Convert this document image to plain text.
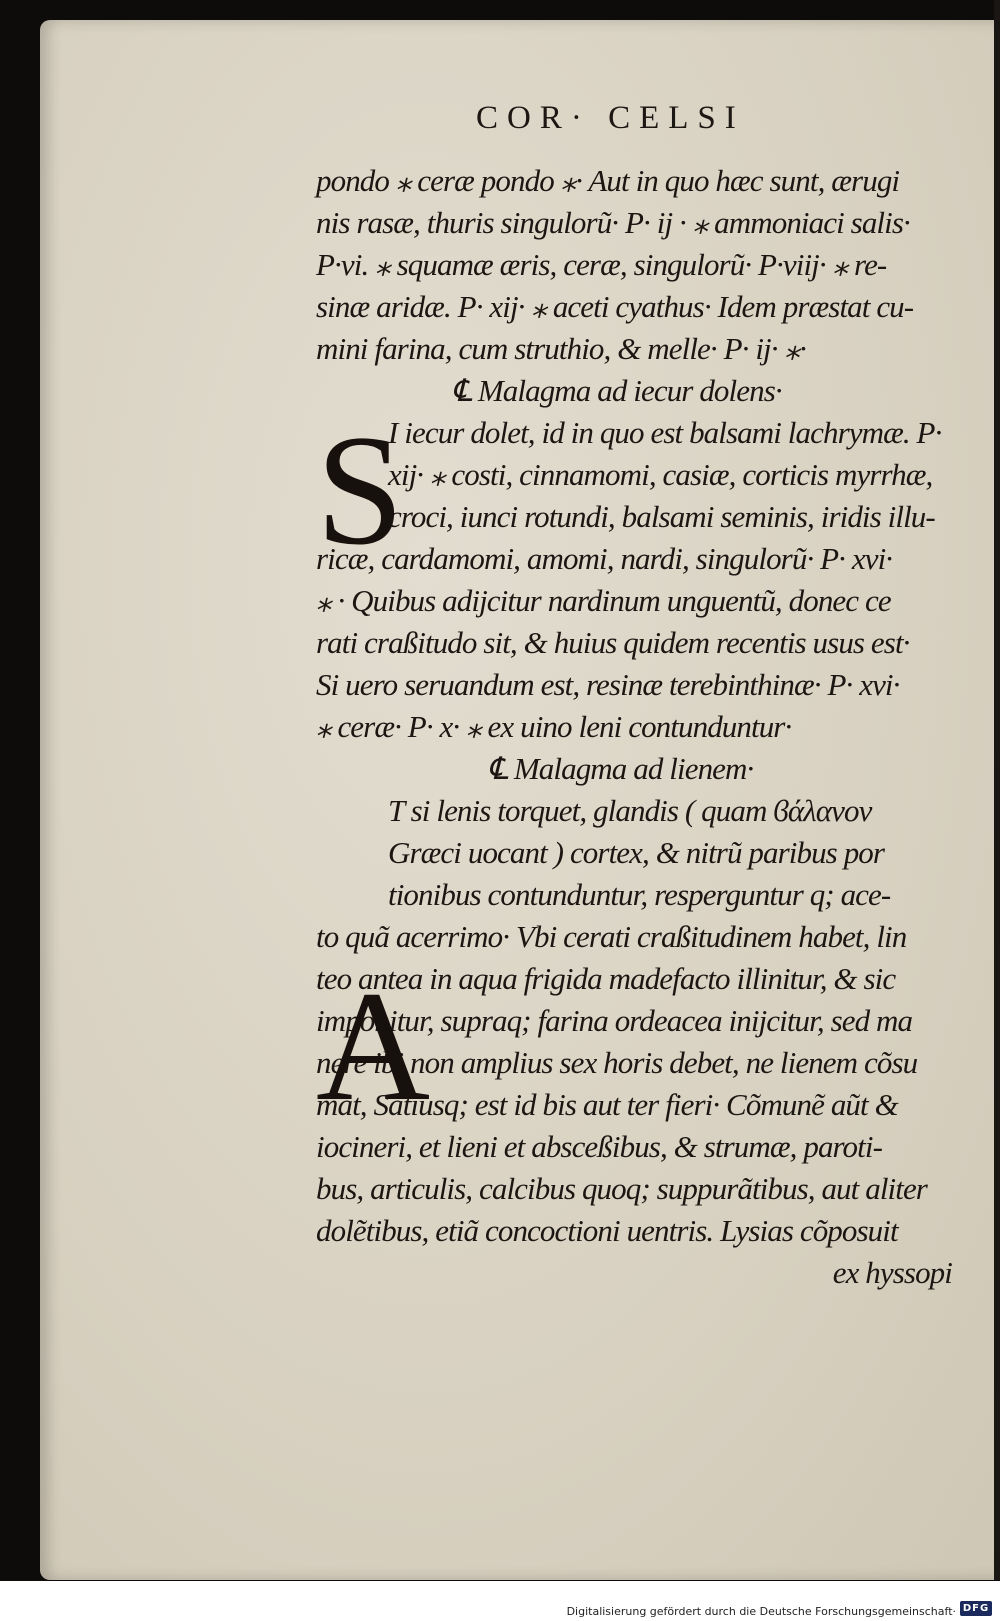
COR· CELSI
S
A
pondo ⁎ ceræ pondo ⁎· Aut in quo hæc sunt, ærugi
nis rasæ, thuris singulorũ· P· ij · ⁎ ammoniaci salis·
P·vi. ⁎ squamæ æris, ceræ, singulorũ· P·viij· ⁎ re-
sinæ aridæ. P· xij· ⁎ aceti cyathus· Idem præstat cu-
mini farina, cum struthio, & melle· P· ij· ⁎·
℄ Malagma ad iecur dolens·
I iecur dolet, id in quo est balsami lachrymæ. P·
xij· ⁎ costi, cinnamomi, casiæ, corticis myrrhæ,
croci, iunci rotundi, balsami seminis, iridis illu-
ricæ, cardamomi, amomi, nardi, singulorũ· P· xvi·
⁎ · Quibus adijcitur nardinum unguentũ, donec ce
rati craßitudo sit, & huius quidem recentis usus est·
Si uero seruandum est, resinæ terebinthinæ· P· xvi·
⁎ ceræ· P· x· ⁎ ex uino leni contunduntur·
℄ Malagma ad lienem·
T si lenis torquet, glandis ( quam ϐάλανον
Græci uocant ) cortex, & nitrũ paribus por
tionibus contunduntur, resperguntur q; ace-
to quã acerrimo· Vbi cerati craßitudinem habet, lin
teo antea in aqua frigida madefacto illinitur, & sic
imponitur, supraq; farina ordeacea inijcitur, sed ma
nere ibi non amplius sex horis debet, ne lienem cõsu
mat, Satiusq; est id bis aut ter fieri· Cõmunẽ aũt &
iocineri, et lieni et absceßibus, & strumæ, paroti-
bus, articulis, calcibus quoq; suppurãtibus, aut aliter
dolẽtibus, etiã concoctioni uentris. Lysias cõposuit
ex hyssopi
Digitalisierung gefördert durch die Deutsche Forschungsgemeinschaft· DFG
